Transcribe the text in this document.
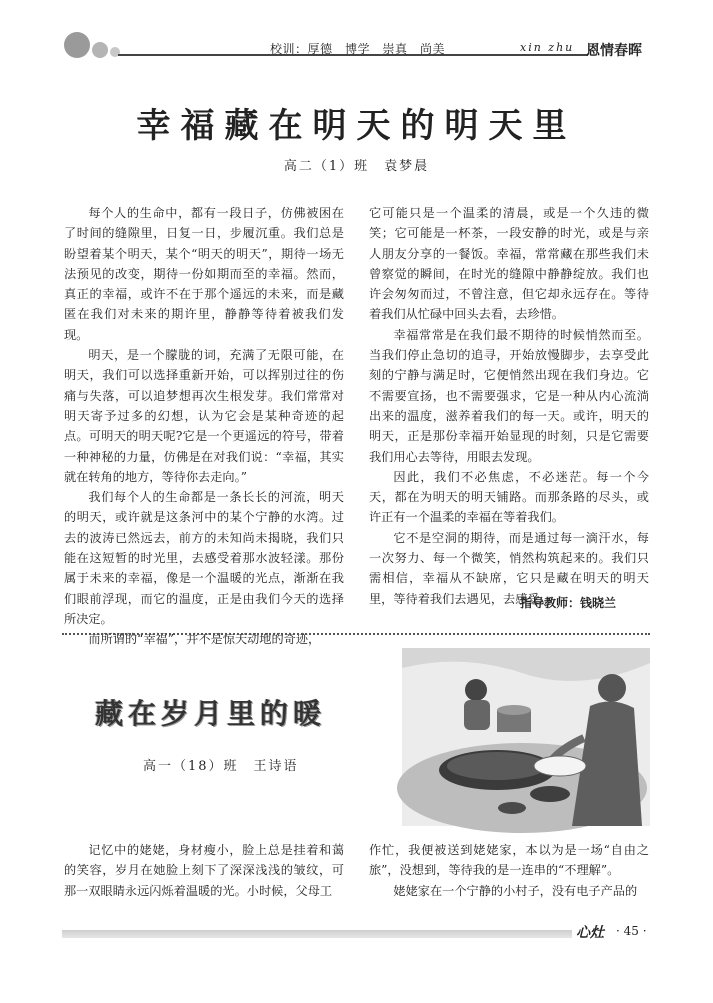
校训：厚德　博学　崇真　尚美	xin zhu 恩情春晖
幸福藏在明天的明天里
高二（1）班　袁梦晨

每个人的生命中，都有一段日子，仿佛被困在了时间的缝隙里，日复一日，步履沉重。我们总是盼望着某个明天，某个“明天的明天”，期待一场无法预见的改变，期待一份如期而至的幸福。然而，真正的幸福，或许不在于那个遥远的未来，而是藏匿在我们对未来的期许里，静静等待着被我们发现。

明天，是一个朦胧的词，充满了无限可能，在明天，我们可以选择重新开始，可以挥别过往的伤痛与失落，可以追梦想再次生根发芽。我们常常对明天寄予过多的幻想，认为它会是某种奇迹的起点。可明天的明天呢?它是一个更遥远的符号，带着一种神秘的力量，仿佛是在对我们说：“幸福，其实就在转角的地方，等待你去走向。”

我们每个人的生命都是一条长长的河流，明天的明天，或许就是这条河中的某个宁静的水湾。过去的波涛已然远去，前方的未知尚未揭晓，我们只能在这短暂的时光里，去感受着那水波轻漾。那份属于未来的幸福，像是一个温暖的光点，渐渐在我们眼前浮现，而它的温度，正是由我们今天的选择所决定。

而所谓的“幸福”，并不是惊天动地的奇迹，

它可能只是一个温柔的清晨，或是一个久违的微笑；它可能是一杯茶，一段安静的时光，或是与亲人朋友分享的一餐饭。幸福，常常藏在那些我们未曾察觉的瞬间，在时光的缝隙中静静绽放。我们也许会匆匆而过，不曾注意，但它却永远存在。等待着我们从忙碌中回头去看，去珍惜。

幸福常常是在我们最不期待的时候悄然而至。当我们停止急切的追寻，开始放慢脚步，去享受此刻的宁静与满足时，它便悄然出现在我们身边。它不需要宣扬，也不需要强求，它是一种从内心流淌出来的温度，滋养着我们的每一天。或许，明天的明天，正是那份幸福开始显现的时刻，只是它需要我们用心去等待，用眼去发现。

因此，我们不必焦虑，不必迷茫。每一个今天，都在为明天的明天铺路。而那条路的尽头，或许正有一个温柔的幸福在等着我们。

它不是空洞的期待，而是通过每一滴汗水，每一次努力、每一个微笑，悄然构筑起来的。我们只需相信，幸福从不缺席，它只是藏在明天的明天里，等待着我们去遇见，去感受。

指导教师：钱晓兰
藏在岁月里的暖
高一（18）班　王诗语

记忆中的姥姥，身材瘦小，脸上总是挂着和蔼的笑容，岁月在她脸上刻下了深深浅浅的皱纹，可那一双眼睛永远闪烁着温暖的光。小时候，父母工

作忙，我便被送到姥姥家，本以为是一场“自由之旅”，没想到，等待我的是一连串的“不理解”。

姥姥家在一个宁静的小村子，没有电子产品的

心灶 · 45 ·
